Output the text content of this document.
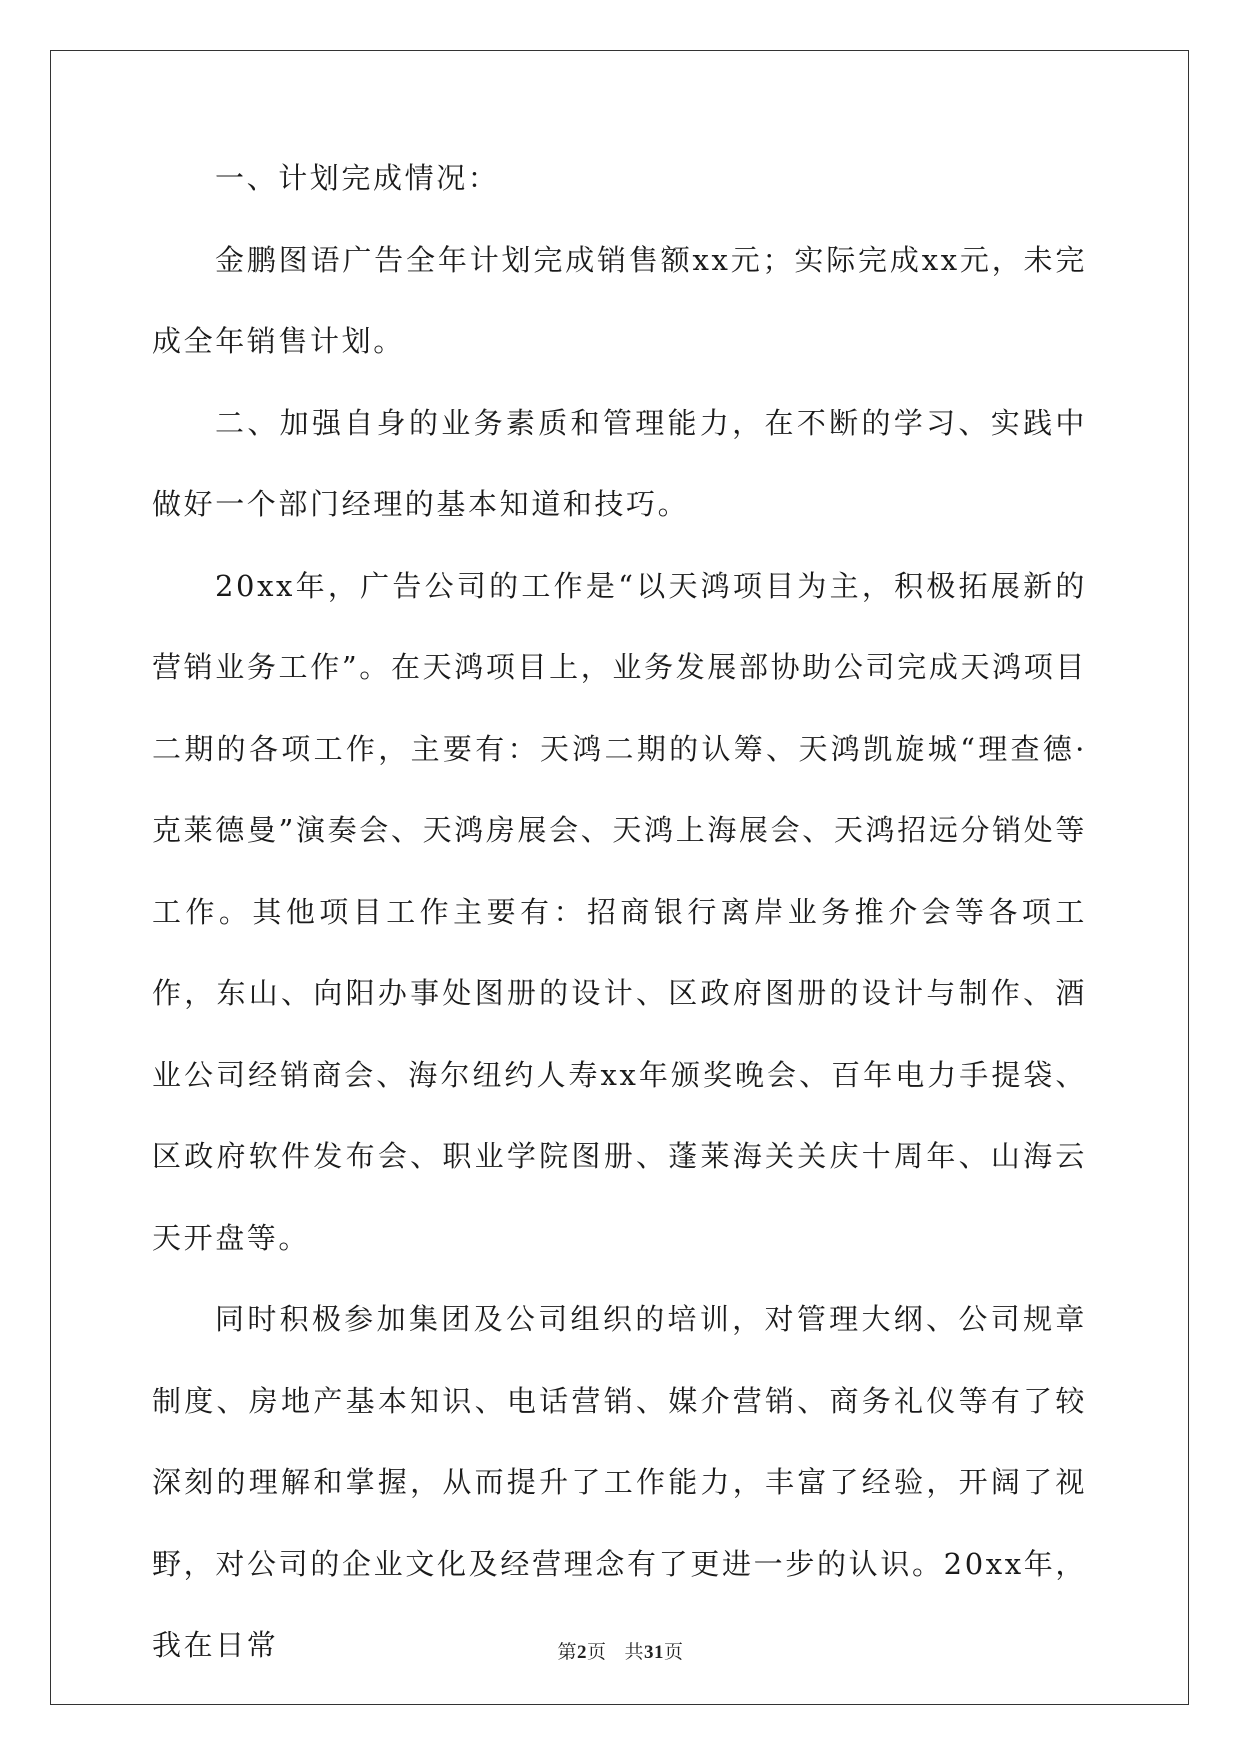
一、计划完成情况：

金鹏图语广告全年计划完成销售额xx元；实际完成xx元，未完成全年销售计划。

二、加强自身的业务素质和管理能力，在不断的学习、实践中做好一个部门经理的基本知道和技巧。

20xx年，广告公司的工作是“以天鸿项目为主，积极拓展新的营销业务工作”。在天鸿项目上，业务发展部协助公司完成天鸿项目二期的各项工作，主要有：天鸿二期的认筹、天鸿凯旋城“理查德·克莱德曼”演奏会、天鸿房展会、天鸿上海展会、天鸿招远分销处等工作。其他项目工作主要有：招商银行离岸业务推介会等各项工作，东山、向阳办事处图册的设计、区政府图册的设计与制作、酒业公司经销商会、海尔纽约人寿xx年颁奖晚会、百年电力手提袋、区政府软件发布会、职业学院图册、蓬莱海关关庆十周年、山海云天开盘等。

同时积极参加集团及公司组织的培训，对管理大纲、公司规章制度、房地产基本知识、电话营销、媒介营销、商务礼仪等有了较深刻的理解和掌握，从而提升了工作能力，丰富了经验，开阔了视野，对公司的企业文化及经营理念有了更进一步的认识。20xx年，我在日常	第2页 共31页
